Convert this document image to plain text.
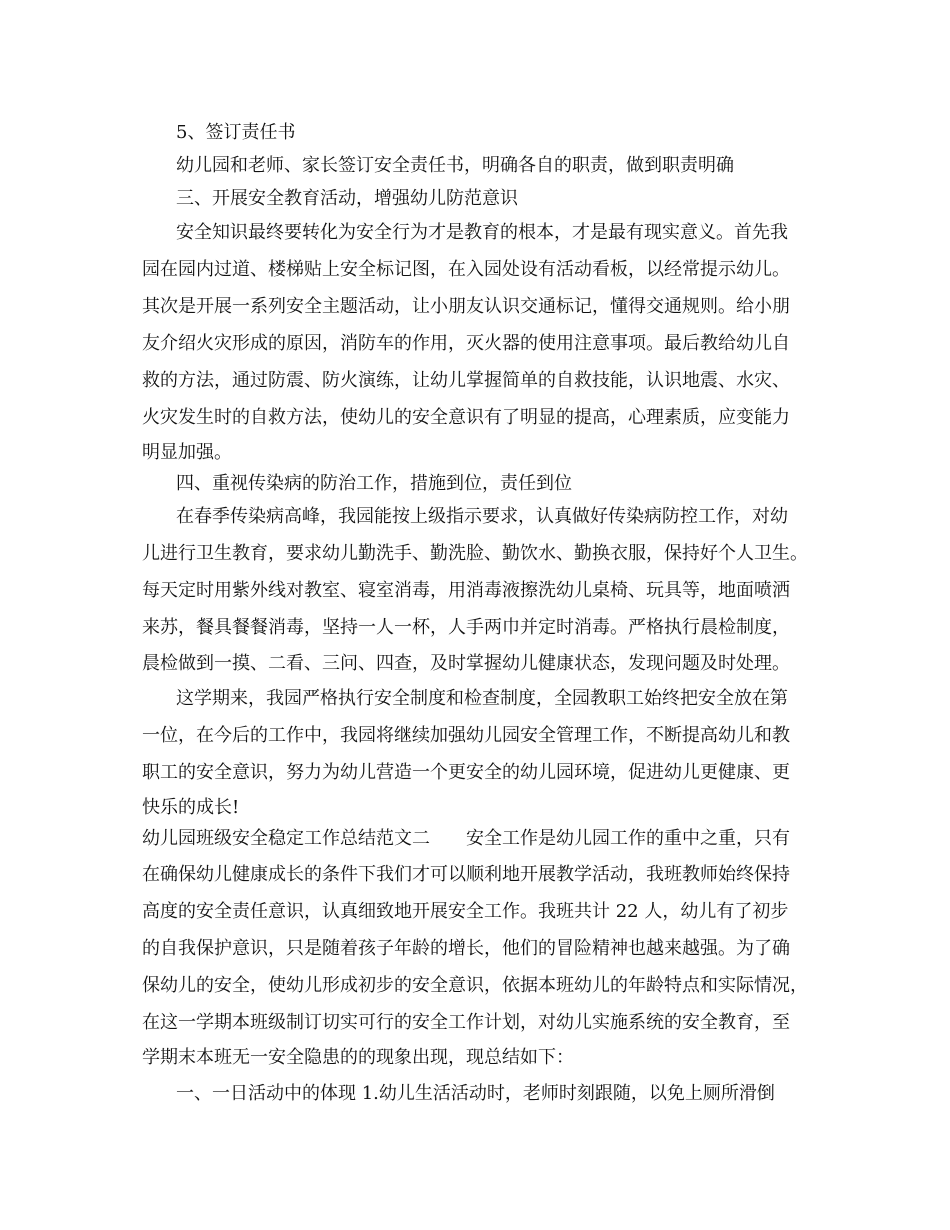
5、签订责任书
幼儿园和老师、家长签订安全责任书，明确各自的职责，做到职责明确
三、开展安全教育活动，增强幼儿防范意识
安全知识最终要转化为安全行为才是教育的根本，才是最有现实意义。首先我
园在园内过道、楼梯贴上安全标记图，在入园处设有活动看板，以经常提示幼儿。
其次是开展一系列安全主题活动，让小朋友认识交通标记，懂得交通规则。给小朋
友介绍火灾形成的原因，消防车的作用，灭火器的使用注意事项。最后教给幼儿自
救的方法，通过防震、防火演练，让幼儿掌握简单的自救技能，认识地震、水灾、
火灾发生时的自救方法，使幼儿的安全意识有了明显的提高，心理素质，应变能力
明显加强。
四、重视传染病的防治工作，措施到位，责任到位
在春季传染病高峰，我园能按上级指示要求，认真做好传染病防控工作，对幼
儿进行卫生教育，要求幼儿勤洗手、勤洗脸、勤饮水、勤换衣服，保持好个人卫生。
每天定时用紫外线对教室、寝室消毒，用消毒液擦洗幼儿桌椅、玩具等，地面喷洒
来苏，餐具餐餐消毒，坚持一人一杯，人手两巾并定时消毒。严格执行晨检制度，
晨检做到一摸、二看、三问、四查，及时掌握幼儿健康状态，发现问题及时处理。
这学期来，我园严格执行安全制度和检查制度，全园教职工始终把安全放在第
一位，在今后的工作中，我园将继续加强幼儿园安全管理工作，不断提高幼儿和教
职工的安全意识，努力为幼儿营造一个更安全的幼儿园环境，促进幼儿更健康、更
快乐的成长!
幼儿园班级安全稳定工作总结范文二　　安全工作是幼儿园工作的重中之重，只有
在确保幼儿健康成长的条件下我们才可以顺利地开展教学活动，我班教师始终保持
高度的安全责任意识，认真细致地开展安全工作。我班共计 22 人，幼儿有了初步
的自我保护意识，只是随着孩子年龄的增长，他们的冒险精神也越来越强。为了确
保幼儿的安全，使幼儿形成初步的安全意识，依据本班幼儿的年龄特点和实际情况，
在这一学期本班级制订切实可行的安全工作计划，对幼儿实施系统的安全教育，至
学期末本班无一安全隐患的的现象出现，现总结如下：
一、一日活动中的体现 1.幼儿生活活动时，老师时刻跟随，以免上厕所滑倒
